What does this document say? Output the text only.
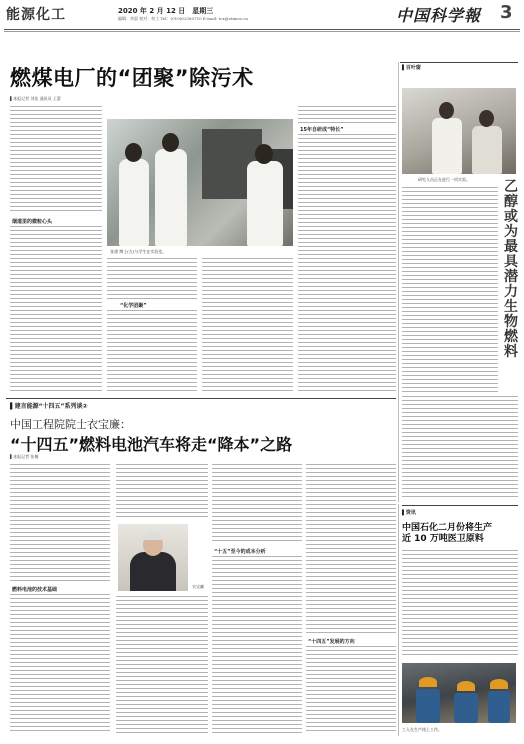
能源化工	2020 年 2 月 12 日　星期三
编辑：李晨 校对：何工 Tel：(010)62580710 E-mail: tcx@stimes.cn	中国科学報 3
燃煤电厂的“团聚”除污术
▌本报记者 刘佳 通讯员 王蕾
烟道里的微粒心头
张建 博士(左)与学生在实验室。
15年自研成“特长”
“化学团聚”
▌百叶窗
研究人员正在进行一项实验。 乙醇或为最具潜力生物燃料
▌建言能源“十四五”系列谈②
中国工程院院士衣宝廉：
“十四五”燃料电池汽车将走“降本”之路
▌本报记者 张楠
燃料电池的技术基础
衣宝廉
“十五”至今的成本分析
“十四五”发展的方向
▌资讯
中国石化二月份将生产
近 10 万吨医卫原料
工人在生产线上工作。
